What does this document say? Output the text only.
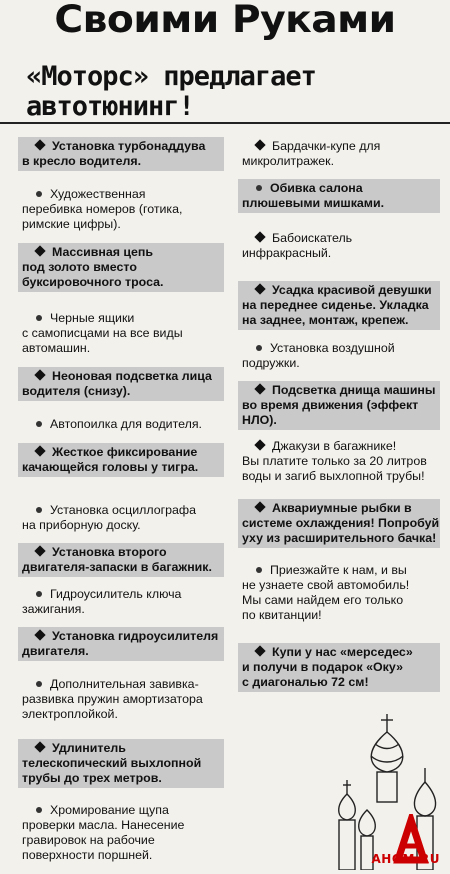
Своими Руками
«Моторс» предлагает
автотюнинг!
Установка турбонаддува
в кресло водителя.
Художественная
перебивка номеров (готика,
римские цифры).
Массивная цепь
под золото вместо
буксировочного троса.
Черные ящики
с самописцами на все виды
автомашин.
Неоновая подсветка лица
водителя (снизу).
Автопоилка для водителя.
Жесткое фиксирование
качающейся головы у тигра.
Установка осциллографа
на приборную доску.
Установка второго
двигателя-запаски в багажник.
Гидроусилитель ключа
зажигания.
Установка гидроусилителя
двигателя.
Дополнительная завивка-
развивка пружин амортизатора
электроплойкой.
Удлинитель
телескопический выхлопной
трубы до трех метров.
Хромирование щупа
проверки масла. Нанесение
гравировок на рабочие
поверхности поршней.
Бардачки-купе для
микролитражек.
Обивка салона
плюшевыми мишками.
Бабоискатель
инфракрасный.
Усадка красивой девушки
на переднее сиденье. Укладка
на заднее, монтаж, крепеж.
Установка воздушной
подружки.
Подсветка днища машины
во время движения (эффект
НЛО).
Джакузи в багажнике!
Вы платите только за 20 литров
воды и загиб выхлопной трубы!
Аквариумные рыбки в
системе охлаждения! Попробуй
уху из расширительного бачка!
Приезжайте к нам, и вы
не узнаете свой автомобиль!
Мы сами найдем его только
по квитанции!
Купи у нас «мерседес»
и получи в подарок «Оку»
с диагональю 72 см!
AHOM.RU
